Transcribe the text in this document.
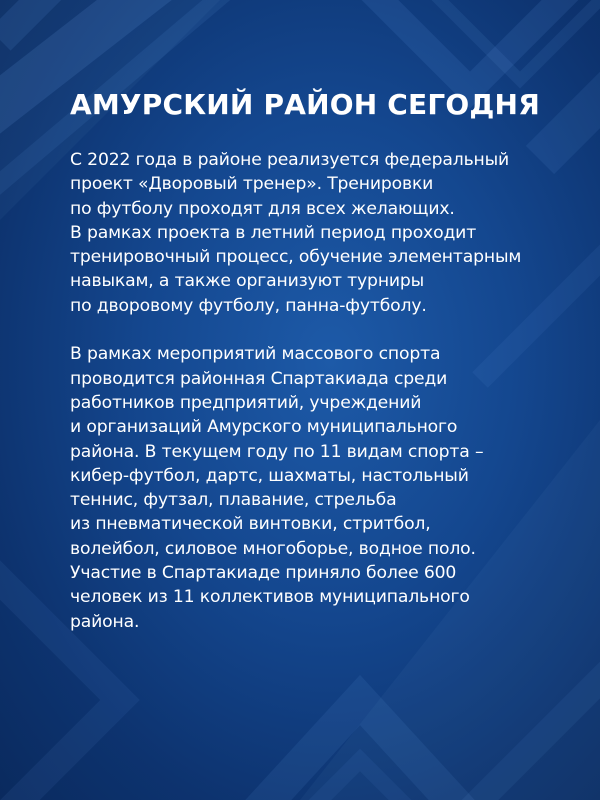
АМУРСКИЙ РАЙОН СЕГОДНЯ

С 2022 года в районе реализуется федеральный
проект «Дворовый тренер». Тренировки
по футболу проходят для всех желающих.
В рамках проекта в летний период проходит
тренировочный процесс, обучение элементарным
навыкам, а также организуют турниры
по дворовому футболу, панна-футболу.

В рамках мероприятий массового спорта
проводится районная Спартакиада среди
работников предприятий, учреждений
и организаций Амурского муниципального
района. В текущем году по 11 видам спорта –
кибер-футбол, дартс, шахматы, настольный
теннис, футзал, плавание, стрельба
из пневматической винтовки, стритбол,
волейбол, силовое многоборье, водное поло.
Участие в Спартакиаде приняло более 600
человек из 11 коллективов муниципального
района.
